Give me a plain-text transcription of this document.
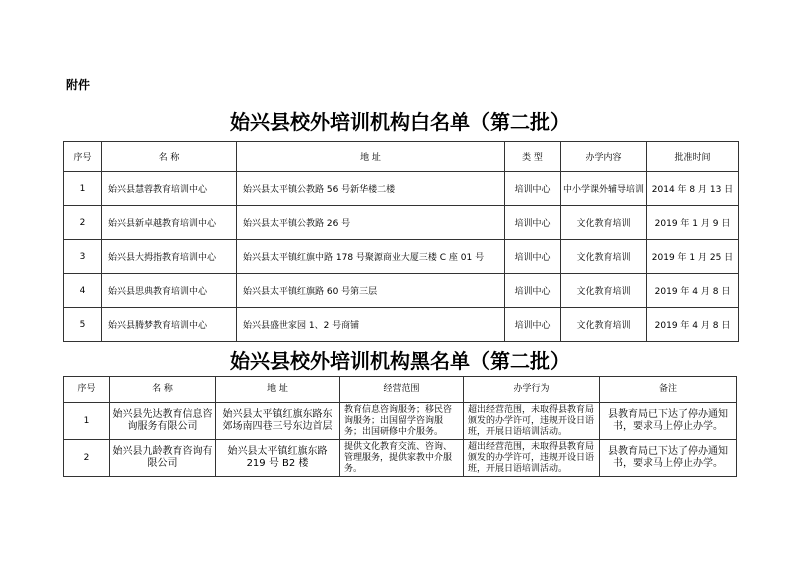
附件
始兴县校外培训机构白名单（第二批）
序号	名 称	地 址	类 型	办学内容	批准时间
1	始兴县慧蓉教育培训中心	始兴县太平镇公教路 56 号新华楼二楼	培训中心	中小学课外辅导培训	2014 年 8 月 13 日
2	始兴县新卓越教育培训中心	始兴县太平镇公教路 26 号	培训中心	文化教育培训	2019 年 1 月 9 日
3	始兴县大拇指教育培训中心	始兴县太平镇红旗中路 178 号聚源商业大厦三楼 C 座 01 号	培训中心	文化教育培训	2019 年 1 月 25 日
4	始兴县思典教育培训中心	始兴县太平镇红旗路 60 号第三层	培训中心	文化教育培训	2019 年 4 月 8 日
5	始兴县腾梦教育培训中心	始兴县盛世家园 1、2 号商铺	培训中心	文化教育培训	2019 年 4 月 8 日
始兴县校外培训机构黑名单（第二批）
序号	名 称	地 址	经营范围	办学行为	备注
1	始兴县先达教育信息咨询服务有限公司	始兴县太平镇红旗东路东郊场南四巷三号东边首层	教育信息咨询服务；移民咨询服务；出国留学咨询服务；出国研修中介服务。	超出经营范围，未取得县教育局颁发的办学许可，违规开设日语班，开展日语培训活动。	县教育局已下达了停办通知书，要求马上停止办学。
2	始兴县九龄教育咨询有限公司	始兴县太平镇红旗东路 219 号 B2 楼	提供文化教育交流、咨询、管理服务，提供家教中介服务。	超出经营范围，未取得县教育局颁发的办学许可，违规开设日语班，开展日语培训活动。	县教育局已下达了停办通知书，要求马上停止办学。
